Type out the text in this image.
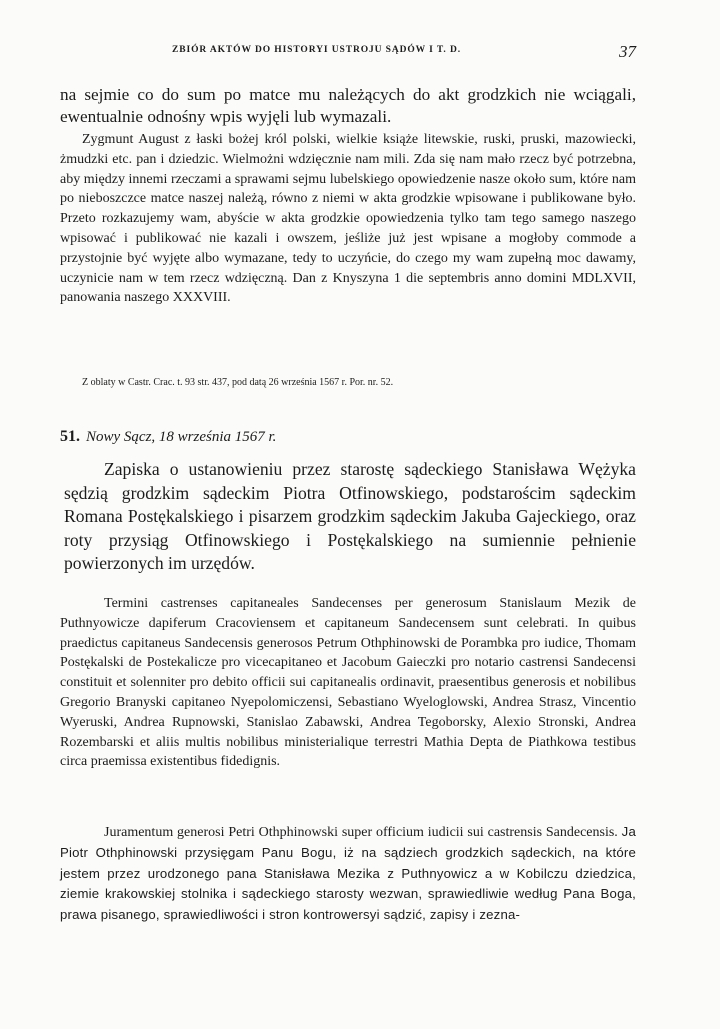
ZBIÓR AKTÓW DO HISTORYI USTROJU SĄDÓW I T. D.	37

na sejmie co do sum po matce mu należących do akt grodzkich nie wciągali, ewentualnie odnośny wpis wyjęli lub wymazali.

Zygmunt August z łaski bożej król polski, wielkie książe litewskie, ruski, pruski, mazowiecki, żmudzki etc. pan i dziedzic. Wielmożni wdzięcznie nam mili. Zda się nam mało rzecz być potrzebna, aby między innemi rzeczami a sprawami sejmu lubelskiego opowiedzenie nasze około sum, które nam po nieboszczce matce naszej należą, równo z niemi w akta grodzkie wpisowane i publikowane było. Przeto rozkazujemy wam, abyście w akta grodzkie opowiedzenia tylko tam tego samego naszego wpisować i publikować nie kazali i owszem, jeśliże już jest wpisane a mogłoby commode a przystojnie być wyjęte albo wymazane, tedy to uczyńcie, do czego my wam zupełną moc dawamy, uczynicie nam w tem rzecz wdzięczną. Dan z Knyszyna 1 die septembris anno domini MDLXVII, panowania naszego XXXVIII.

Z oblaty w Castr. Crac. t. 93 str. 437, pod datą 26 września 1567 r. Por. nr. 52.

51. Nowy Sącz, 18 września 1567 r.

Zapiska o ustanowieniu przez starostę sądeckiego Stanisława Wężyka sędzią grodzkim sądeckim Piotra Otfinowskiego, podstarościm sądeckim Romana Postękalskiego i pisarzem grodzkim sądeckim Jakuba Gajeckiego, oraz roty przysiąg Otfinowskiego i Postękalskiego na sumiennie pełnienie powierzonych im urzędów.

Termini castrenses capitaneales Sandecenses per generosum Stanislaum Mezik de Puthnyowicze dapiferum Cracoviensem et capitaneum Sandecensem sunt celebrati. In quibus praedictus capitaneus Sandecensis generosos Petrum Othphinowski de Porambka pro iudice, Thomam Postękalski de Postekalicze pro vicecapitaneo et Jacobum Gaieczki pro notario castrensi Sandecensi constituit et solenniter pro debito officii sui capitanealis ordinavit, praesentibus generosis et nobilibus Gregorio Branyski capitaneo Nyepolomiczensi, Sebastiano Wyeloglowski, Andrea Strasz, Vincentio Wyeruski, Andrea Rupnowski, Stanislao Zabawski, Andrea Tegoborsky, Alexio Stronski, Andrea Rozembarski et aliis multis nobilibus ministerialique terrestri Mathia Depta de Piathkowa testibus circa praemissa existentibus fidedignis.

Juramentum generosi Petri Othphinowski super officium iudicii sui castrensis Sandecensis. Ja Piotr Othphinowski przysięgam Panu Bogu, iż na sądziech grodzkich sądeckich, na które jestem przez urodzonego pana Stanisława Mezika z Puthnyowicz a w Kobilczu dziedzica, ziemie krakowskiej stolnika i sądeckiego starosty wezwan, sprawiedliwie według Pana Boga, prawa pisanego, sprawiedliwości i stron kontrowersyi sądzić, zapisy i zezna-
